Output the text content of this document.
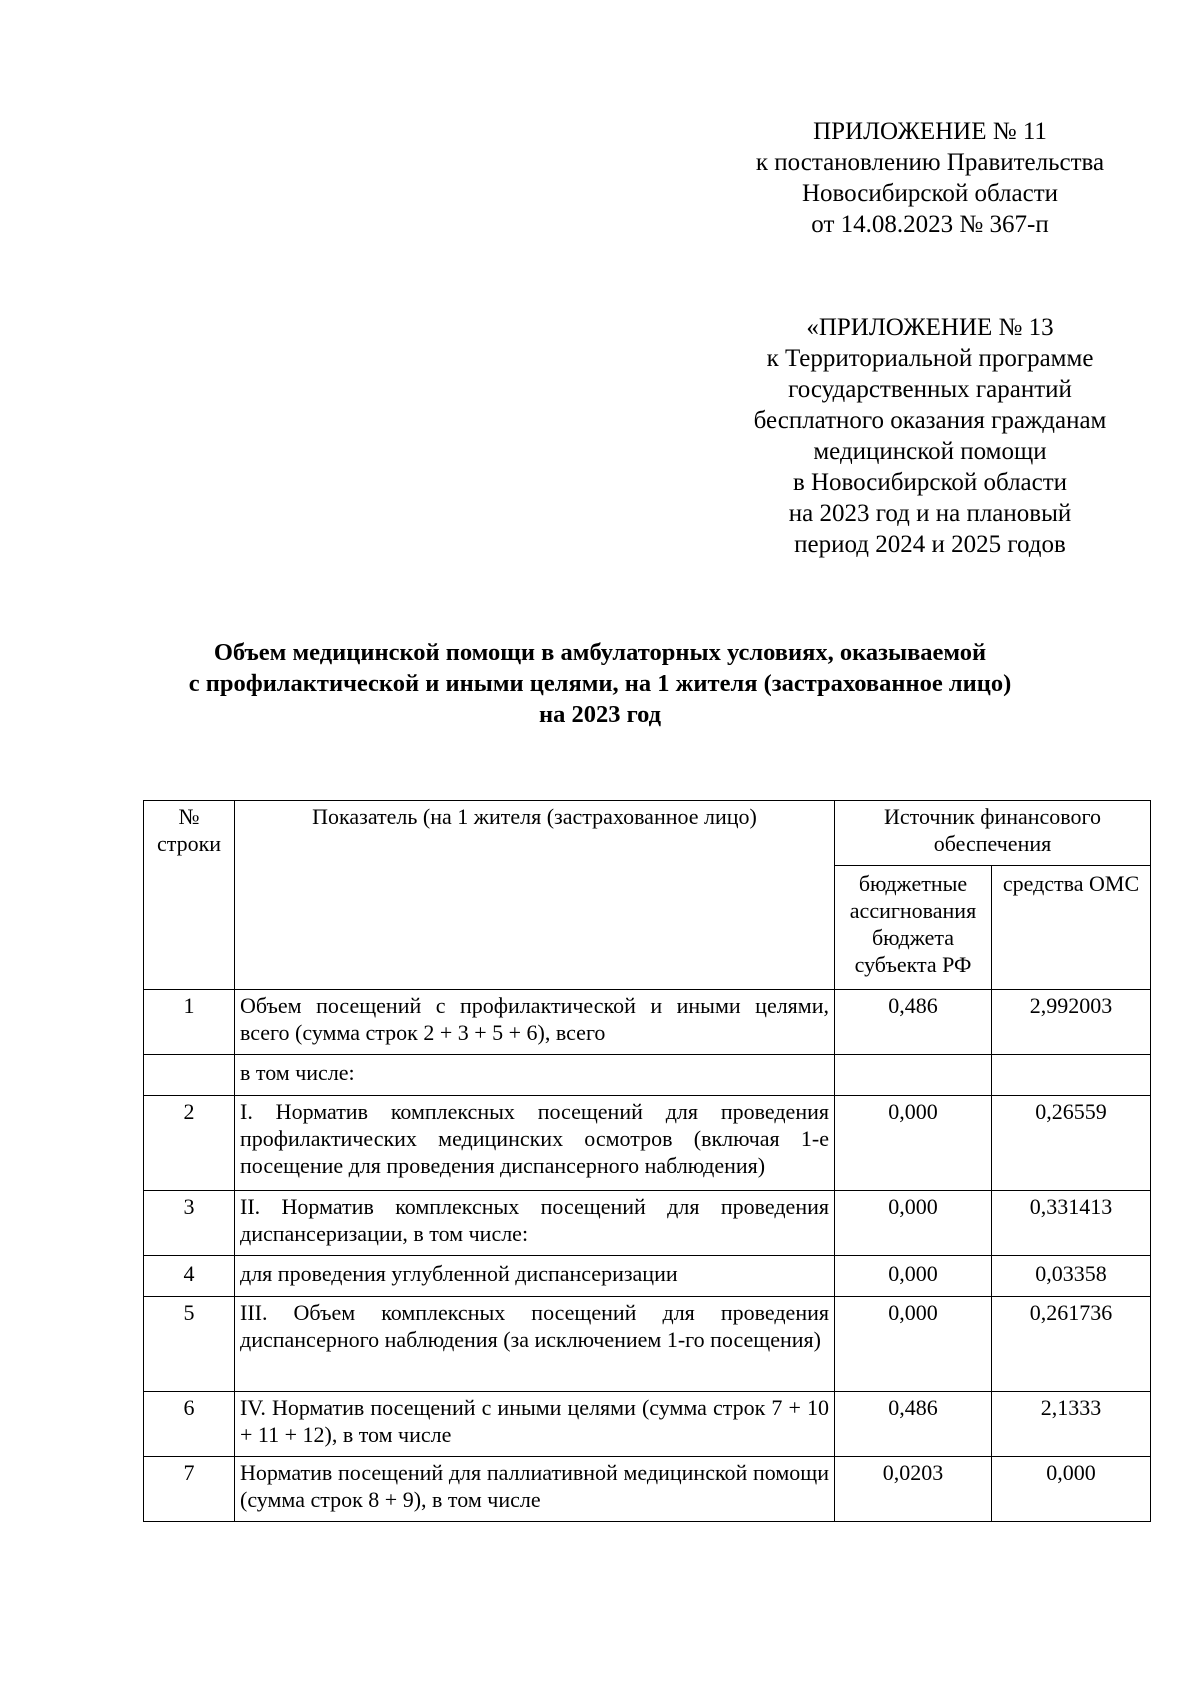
ПРИЛОЖЕНИЕ № 11
к постановлению Правительства
Новосибирской области
от 14.08.2023 № 367-п
«ПРИЛОЖЕНИЕ № 13
к Территориальной программе
государственных гарантий
бесплатного оказания гражданам
медицинской помощи
в Новосибирской области
на 2023 год и на плановый
период 2024 и 2025 годов
Объем медицинской помощи в амбулаторных условиях, оказываемой
с профилактической и иными целями, на 1 жителя (застрахованное лицо)
на 2023 год
№ строки	Показатель (на 1 жителя (застрахованное лицо)	Источник финансового обеспечения	
		бюджетные ассигнования бюджета субъекта РФ	средства ОМС
1	Объем посещений с профилактической и иными целями, всего (сумма строк 2 + 3 + 5 + 6), всего	0,486	2,992003
	в том числе:		
2	I. Норматив комплексных посещений для проведения профилактических медицинских осмотров (включая 1-е посещение для проведения диспансерного наблюдения)	0,000	0,26559
3	II. Норматив комплексных посещений для проведения диспансеризации, в том числе:	0,000	0,331413
4	для проведения углубленной диспансеризации	0,000	0,03358
5	III. Объем комплексных посещений для проведения диспансерного наблюдения (за исключением 1-го посещения)	0,000	0,261736
6	IV. Норматив посещений с иными целями (сумма строк 7 + 10 + 11 + 12), в том числе	0,486	2,1333
7	Норматив посещений для паллиативной медицинской помощи (сумма строк 8 + 9), в том числе	0,0203	0,000
